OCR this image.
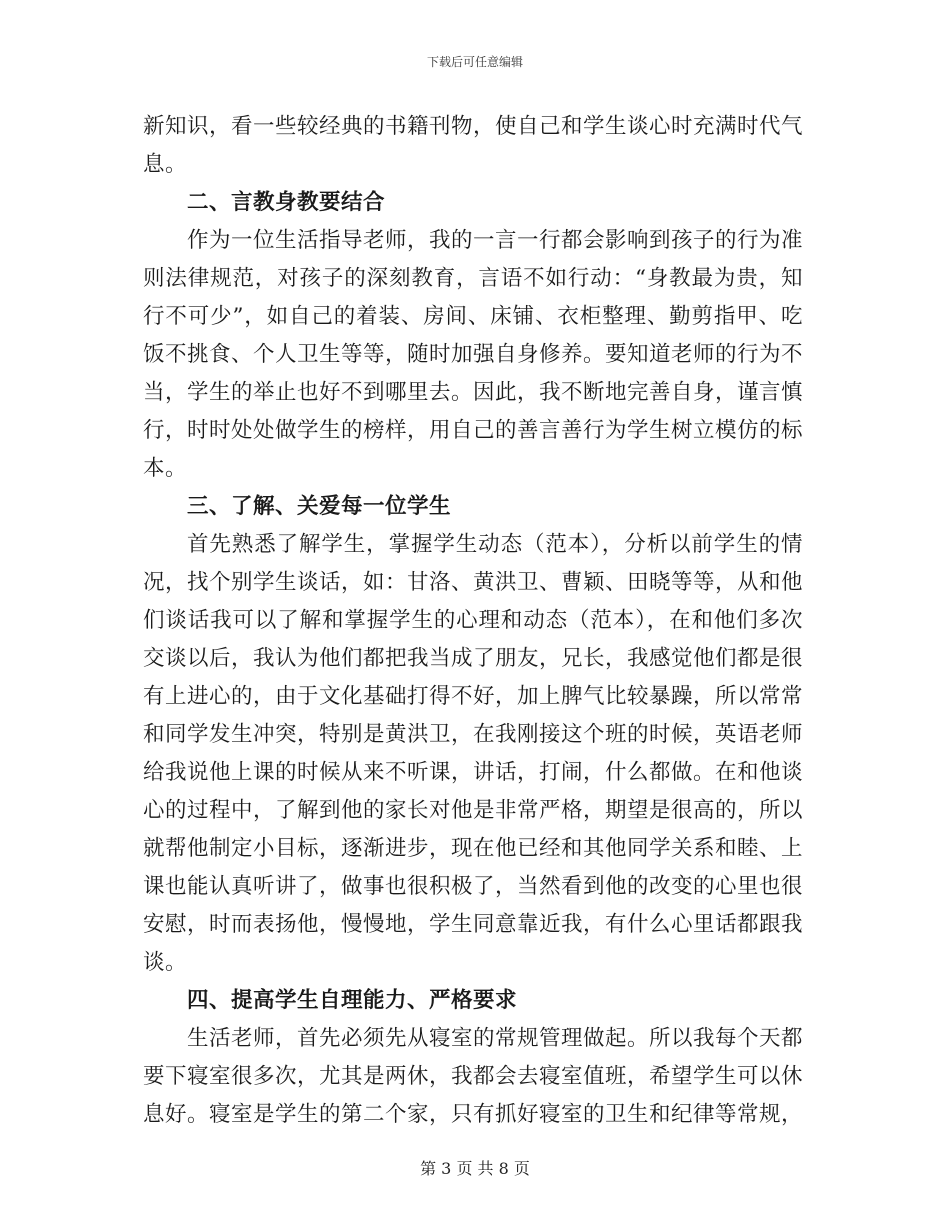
下载后可任意编辑

新知识，看一些较经典的书籍刊物，使自己和学生谈心时充满时代气息。

二、言教身教要结合

作为一位生活指导老师，我的一言一行都会影响到孩子的行为准则法律规范，对孩子的深刻教育，言语不如行动：“身教最为贵，知行不可少”，如自己的着装、房间、床铺、衣柜整理、勤剪指甲、吃饭不挑食、个人卫生等等，随时加强自身修养。要知道老师的行为不当，学生的举止也好不到哪里去。因此，我不断地完善自身，谨言慎行，时时处处做学生的榜样，用自己的善言善行为学生树立模仿的标本。

三、了解、关爱每一位学生

首先熟悉了解学生，掌握学生动态（范本），分析以前学生的情况，找个别学生谈话，如：甘洛、黄洪卫、曹颖、田晓等等，从和他们谈话我可以了解和掌握学生的心理和动态（范本），在和他们多次交谈以后，我认为他们都把我当成了朋友，兄长，我感觉他们都是很有上进心的，由于文化基础打得不好，加上脾气比较暴躁，所以常常和同学发生冲突，特别是黄洪卫，在我刚接这个班的时候，英语老师给我说他上课的时候从来不听课，讲话，打闹，什么都做。在和他谈心的过程中，了解到他的家长对他是非常严格，期望是很高的，所以就帮他制定小目标，逐渐进步，现在他已经和其他同学关系和睦、上课也能认真听讲了，做事也很积极了，当然看到他的改变的心里也很安慰，时而表扬他，慢慢地，学生同意靠近我，有什么心里话都跟我谈。

四、提高学生自理能力、严格要求

生活老师，首先必须先从寝室的常规管理做起。所以我每个天都要下寝室很多次，尤其是两休，我都会去寝室值班，希望学生可以休息好。寝室是学生的第二个家，只有抓好寝室的卫生和纪律等常规，

第 3 页 共 8 页
